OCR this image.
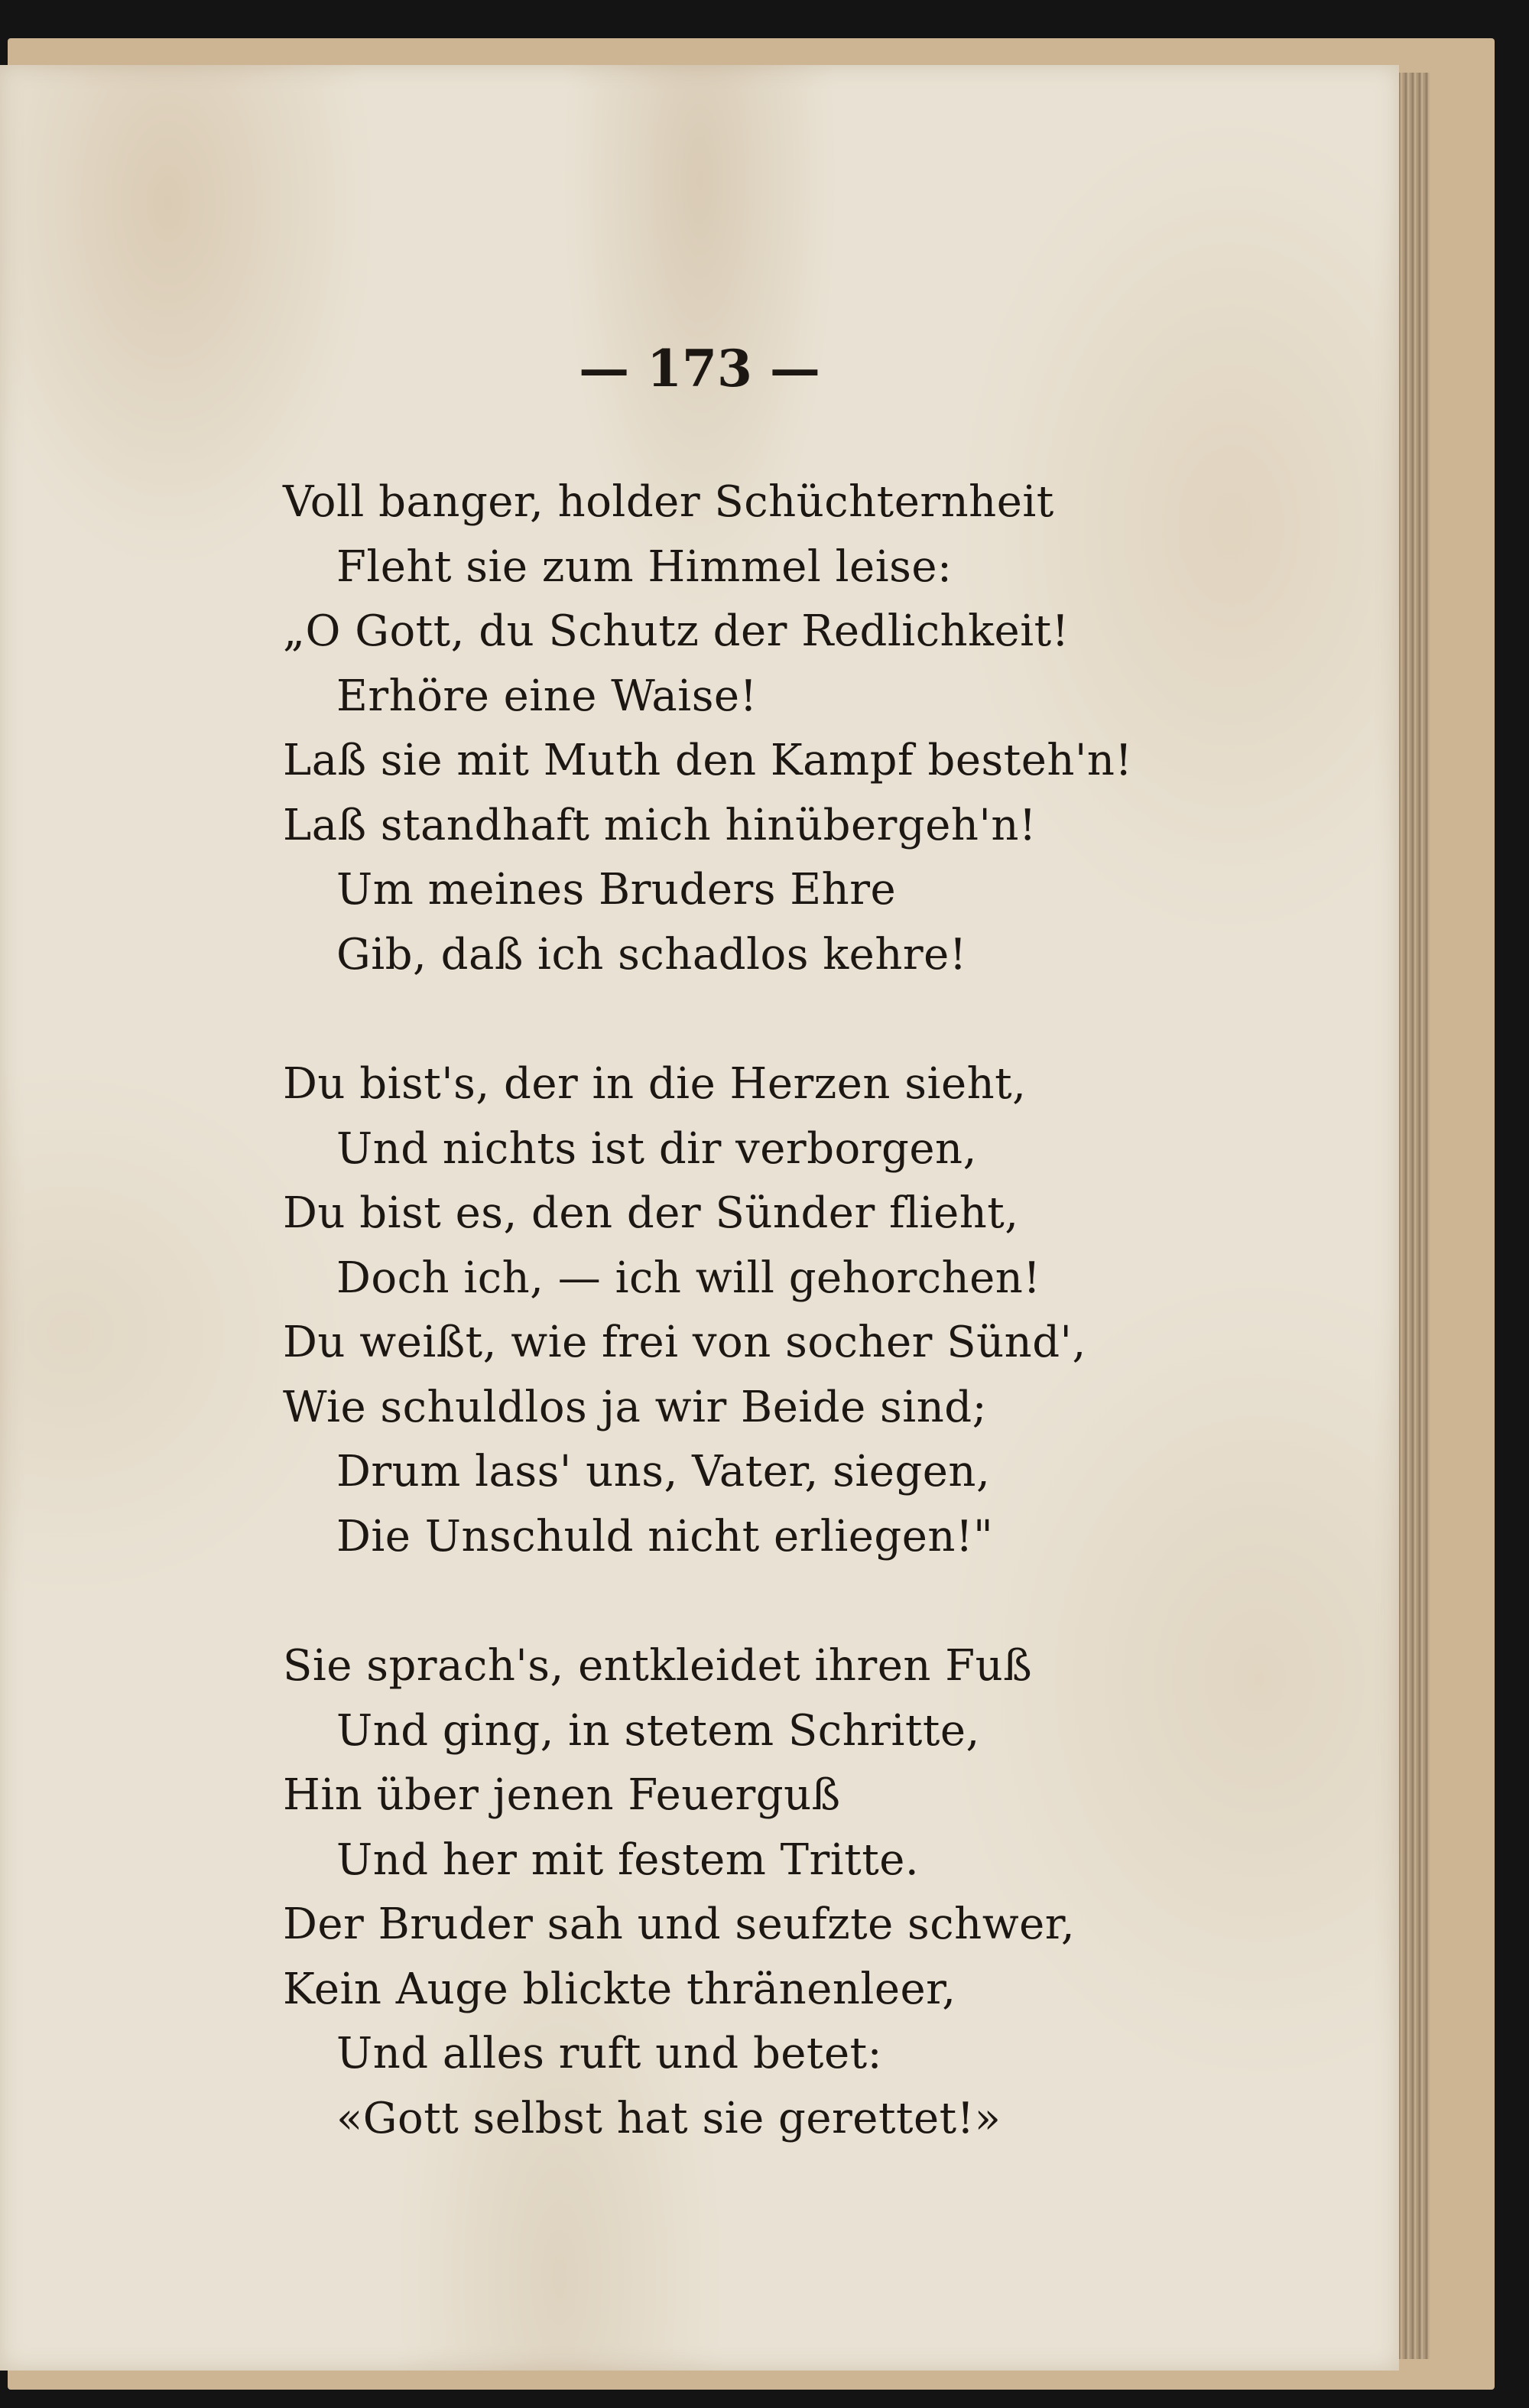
— 173 —
Voll banger, holder Schüchternheit
Fleht sie zum Himmel leise:
„O Gott, du Schutz der Redlichkeit!
Erhöre eine Waise!
Laß sie mit Muth den Kampf besteh'n!
Laß standhaft mich hinübergeh'n!
Um meines Bruders Ehre
Gib, daß ich schadlos kehre!
Du bist's, der in die Herzen sieht,
Und nichts ist dir verborgen,
Du bist es, den der Sünder flieht,
Doch ich, — ich will gehorchen!
Du weißt, wie frei von socher Sünd',
Wie schuldlos ja wir Beide sind;
Drum lass' uns, Vater, siegen,
Die Unschuld nicht erliegen!"
Sie sprach's, entkleidet ihren Fuß
Und ging, in stetem Schritte,
Hin über jenen Feuerguß
Und her mit festem Tritte.
Der Bruder sah und seufzte schwer,
Kein Auge blickte thränenleer,
Und alles ruft und betet:
«Gott selbst hat sie gerettet!»
